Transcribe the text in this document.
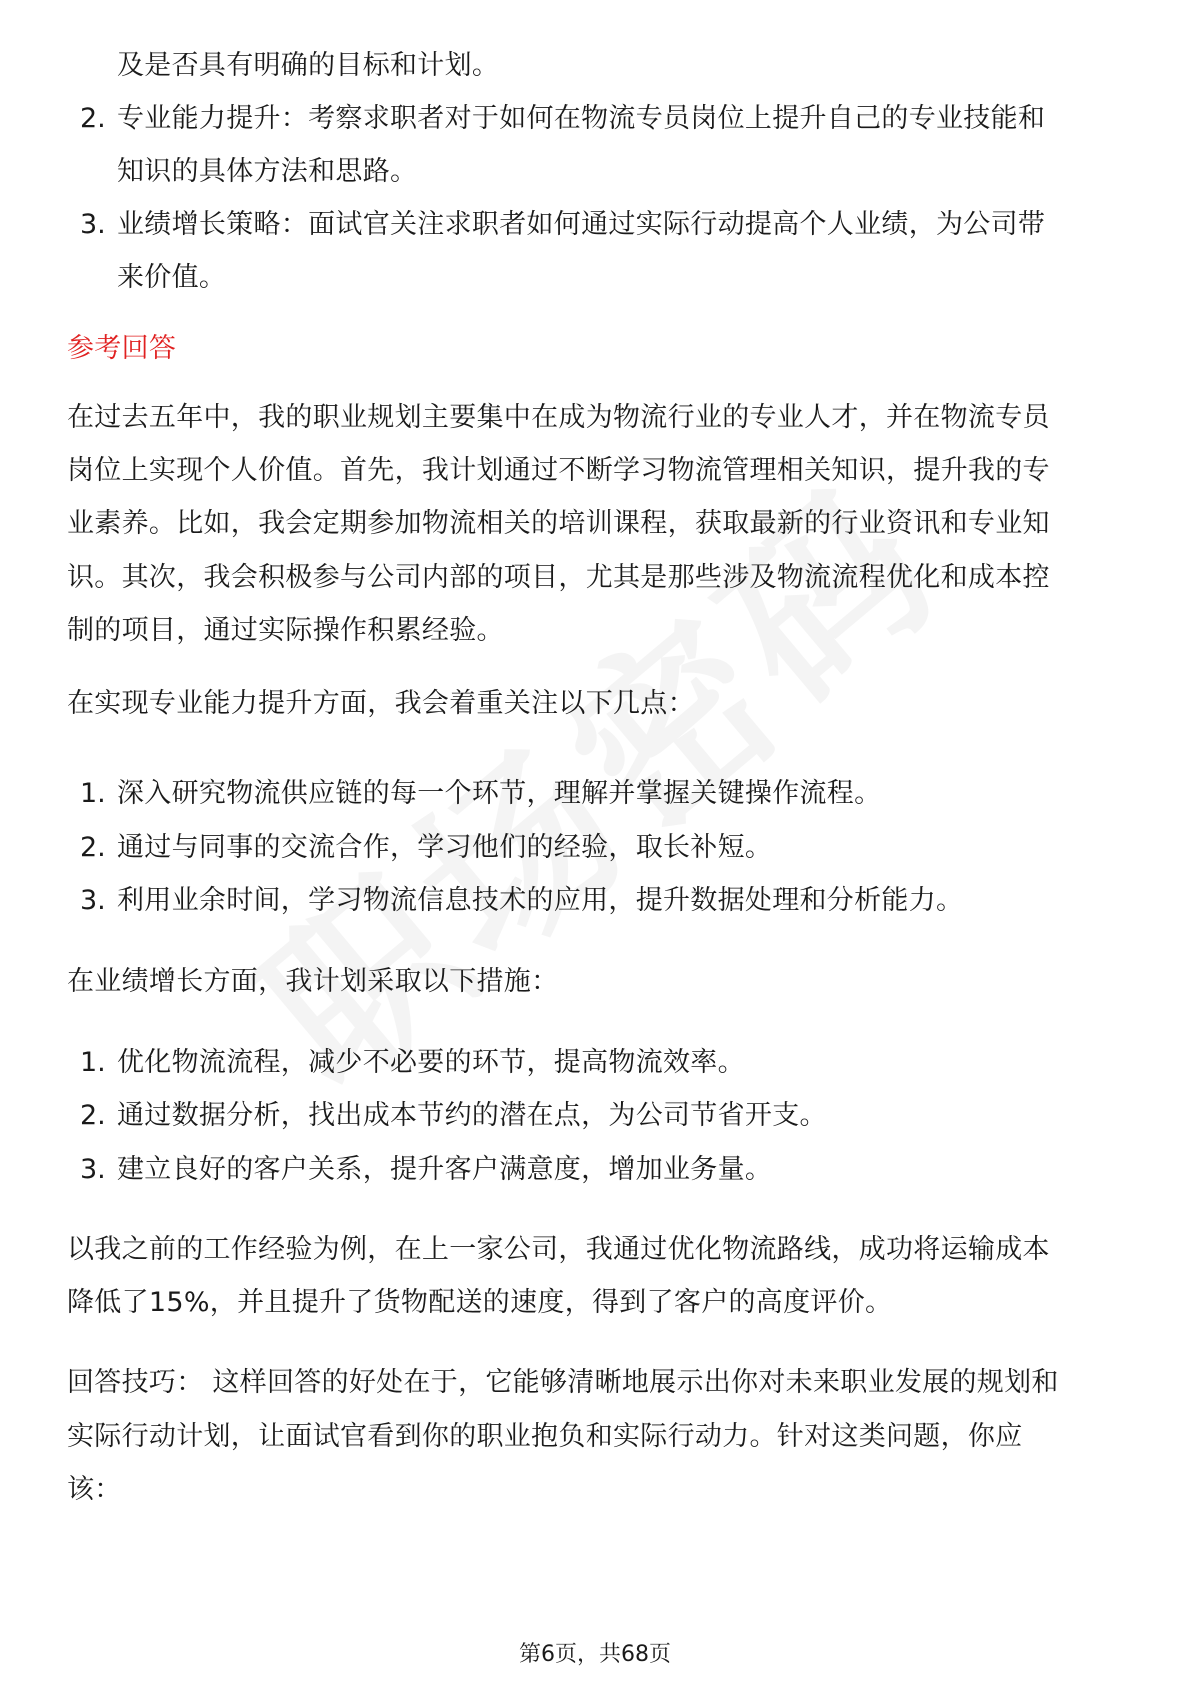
及是否具有明确的目标和计划。
2. 专业能力提升：考察求职者对于如何在物流专员岗位上提升自己的专业技能和
知识的具体方法和思路。
3. 业绩增长策略：面试官关注求职者如何通过实际行动提高个人业绩，为公司带
来价值。
参考回答
在过去五年中，我的职业规划主要集中在成为物流行业的专业人才，并在物流专员
岗位上实现个人价值。首先，我计划通过不断学习物流管理相关知识，提升我的专
业素养。比如，我会定期参加物流相关的培训课程，获取最新的行业资讯和专业知
识。其次，我会积极参与公司内部的项目，尤其是那些涉及物流流程优化和成本控
制的项目，通过实际操作积累经验。
在实现专业能力提升方面，我会着重关注以下几点：
1. 深入研究物流供应链的每一个环节，理解并掌握关键操作流程。
2. 通过与同事的交流合作，学习他们的经验，取长补短。
3. 利用业余时间，学习物流信息技术的应用，提升数据处理和分析能力。
在业绩增长方面，我计划采取以下措施：
1. 优化物流流程，减少不必要的环节，提高物流效率。
2. 通过数据分析，找出成本节约的潜在点，为公司节省开支。
3. 建立良好的客户关系，提升客户满意度，增加业务量。
以我之前的工作经验为例，在上一家公司，我通过优化物流路线，成功将运输成本
降低了15%，并且提升了货物配送的速度，得到了客户的高度评价。
回答技巧： 这样回答的好处在于，它能够清晰地展示出你对未来职业发展的规划和
实际行动计划，让面试官看到你的职业抱负和实际行动力。针对这类问题，你应
该：
第6页，共68页
